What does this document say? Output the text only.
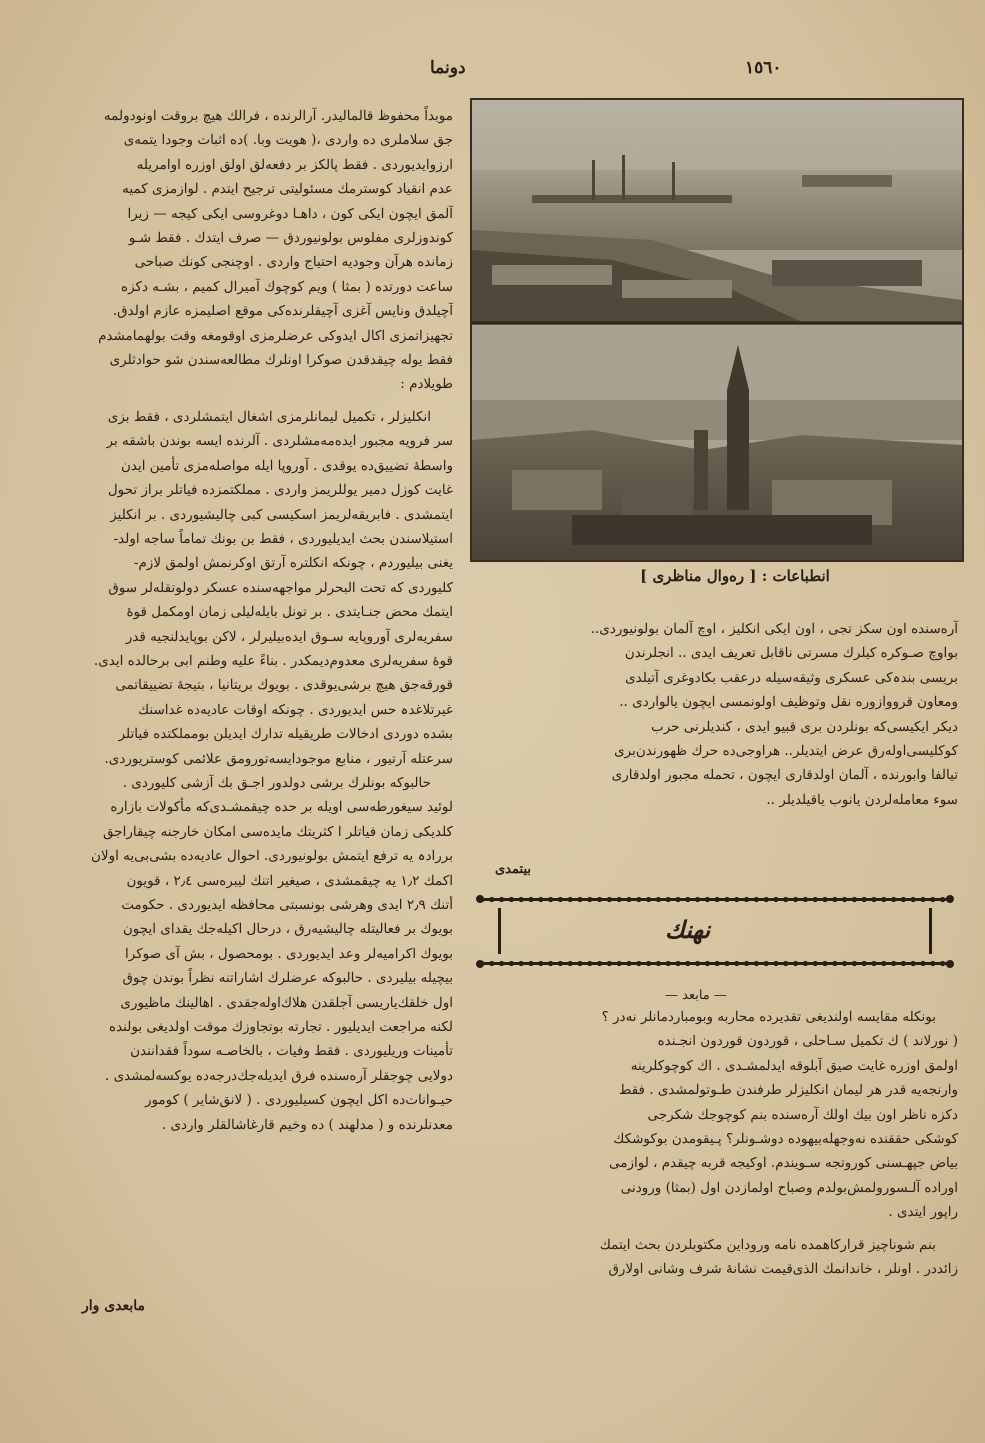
١٥٦٠
دونما

موبداً محفوظ قالمالیدر. آرالرنده ، فرالك هیچ بروقت اونودولمه‌

جق سلاملری ده واردی ،( هویت وبا. )ده اثبات وجودا یتمه‌ی

ارزوایدیوردی . فقط پالكز بر دفعه‌لق اولق اوزره اوامریله

عدم انقیاد کوسترمك مسئولیتی ترجیح ایتدم . لوازمزی کمیه

آلمق ایچون ایکی کون ، داهـا دوغروسی ایکی کیجه — زیرا

کوندوزلری مفلوس بولونیوردق — صرف ایتدك . فقط شـو

زمانده هرآن وجودیه احتیاج واردی . اوچنجی کونك صباحی

ساعت دورتده ( بمثا ) ویم کوچوك آمیرال کمیم ، بشـه دکزه

آچیلدق ونایس آغزی آچیقلرنده‌کی موقع اصلیمزه عازم اولدق.

تجهیزاتمزی اکال ایدوکی عرضلرمزی اوقومغه وقت بولهمامشدم

فقط یوله چیقدقدن صوکرا اونلرك مطالعه‌سندن شو حوادثلری

طویلادم :

انکلیزلر ، تکمیل لیمانلرمزی اشغال ایتمشلردی ، فقط بزی

سر فرویه مجبور ایده‌مه‌مشلردی . آلرنده ایسه بوندن باشقه بر

واسطهٔ تضییق‌ده یوقدی . آوروپا ایله مواصله‌مزی تأمین ایدن

غایت کوزل دمیر یوللریمز واردی . مملکتمزده فیاتلر براز تحول

ایتمشدی . فابریقه‌لریمز اسکیسی کبی چالیشیوردی . بر انکلیز

استیلاسندن بحث ایدیلیوردی ، فقط بن بونك تماماً ساجه اولد-

یغنی بیلیوردم ، چونکه انکلتره آرتق اوکرنمش اولمق لازم-

کلیوردی که تحت البحرلر مواجهه‌سنده عسکر دولوتقله‌لر سوق

ایتمك محض جنـایتدی . بر تونل بایله‌لیلی زمان اومکمل قوهٔ

سفریه‌لری آوروپایه سـوق ایده‌بیلیرلر ، لاکن بوپایدلنجیه قدر

قوهٔ سفریه‌لری معدوم‌دیمکدر . بناءً علیه وطنم ابی برحالده ایدی.

قورقه‌جق هیچ برشی‌یوقدی . بویوك بریتانیا ، بتیجهٔ تضییقاتمی

غیرتلاغدہ حس ایدیوردی . چونکه اوقات عادیه‌ده غداسنك

بشده دوردی ادخالات طریقیله تدارك ایدیلن بومملکتده فیاتلر

سرعتله آرتیور ، منابع موجودایسه‌تورومق علائمی کوستریوردی.

حالبوکه بونلرك برشی دولدور اجـق بك آزشی کلیوردی .

لوئید سیغورطه‌سی اویله بر حده چیقمشـدی‌که مأکولات بازاره

کلدیکی زمان فیاتلر ا کثریتك مایده‌سی امکان خارجنه چیقاراجق

بررادہ یه ترفع ایتمش بولونیوردی. احوال عادیه‌ده بشی‌بی‌یه اولان

اکمك ١٫٢ یه چیقمشدی ، صیغیر اتنك لیبره‌سی ٢٫٤ ، قویون

أتنك ٢٫٩ ایدی وهرشی بونسبتی محافظه ایدیوردی . حکومت

بویوك بر فعالیتله چالیشیه‌رق ، درحال اکیله‌جك یقدای ایچون

بویوك اکرامیه‌لر وعد ایدیوردی . بومحصول ، بش آی صوکرا

بیچیله بیلیردی . حالبوکه عرضلرك اشاراتنه نظراً بوندن چوق

اول خلقك‌یاریسی آجلقدن هلاك‌اوله‌جقدی . اهالینك ماظیوری‌

لکنه مراجعت ایدیلیور . تجارته بوتجاوزك موقت اولدیغی بولنده

تأمینات وریلیوردی . فقط وفیات ، بالخاصـه سوداً فقدانندن

دولایی چوجقلر آره‌سنده فرق ایدیله‌جك‌درجه‌ده یوکسه‌لمشدی .

حیـوانات‌ده اکل ایچون کسیلیوردی . ( لانق‌شایر ) کومور

معدنلرنده و ( مدلهند ) ده وخیم قارغاشالقلر واردی .

مابعدی وار
انطباعات : [ رەوال مناظری ]

آره‌سنده اون سکز تجی ، اون ایکی انکلیز ، اوچ آلمان بولونیوردی..

بواوچ صـوکره کیلرك مسرتی ناقابل تعریف ایدی .. انجلرندن

بریسی بندہ‌کی عسکری وثیقه‌سیله درعقب بکادوغری آتیلدی

ومعاون قرووازوره نقل وتوظیف اولونمسی ایچون یالواردی ..

دیکر ایکیسی‌که بونلردن بری قبیو ایدی ، کندیلرنی حرب

کوکلیسی‌اوله‌رق عرض ایتدیلر.. هراوجی‌ده حرك ظهورندن‌بری

تیالفا وابورنده ، آلمان اولدقاری ایچون ، تحمله مجبور اولدقاری

سوء معامله‌لردن یانوب یاقیلدیلر ..

بیتمدی
نهنك
— مابعد —

بونکله مقایسه اولندیغی تقدیرده محاربه وبومباردمانلر نه‌در ؟

( نورلاند ) ك تکمیل سـاحلی ، قوردون قوردون انجـنده

اولمق اوزره غایت صیق آبلوقه ایدلمشـدی . اك کوچوکلرینه

وارنجه‌یه قدر هر لیمان انکلیزلر طرفندن طـوتولمشدی . فقط

دکزه ناظر اون بیك اولك آره‌سنده بنم کوچوجك شکرجی

کوشکی حققنده نەوجهله‌بیهوده دوشـونلر؟ پـیقومدن بوکوشکك

بیاض جپهـسنی کوروتجه سـویندم. اوکیجه قربه چیقدم ، لوازمی

اوراده آلـسورولمش‌بولدم وصباح اولمازدن اول (بمثا) ورودنی

راپور ایتدی .

بنم شوناچیز قرارکاهمده نامه وروداین مکتوبلردن بحث ایتمك

زائددر . اونلر ، خاندانمك الذی‌قیمت نشانهٔ شرف وشانی اولارق
